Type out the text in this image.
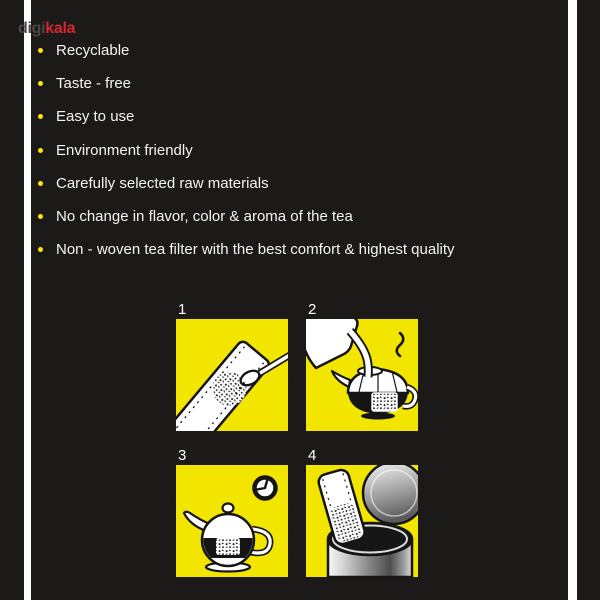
digikala
Recyclable
Taste - free
Easy to use
Environment friendly
Carefully selected raw materials
No change in flavor, color & aroma of the tea
Non - woven tea filter with the best comfort & highest quality
1	2
3	4
